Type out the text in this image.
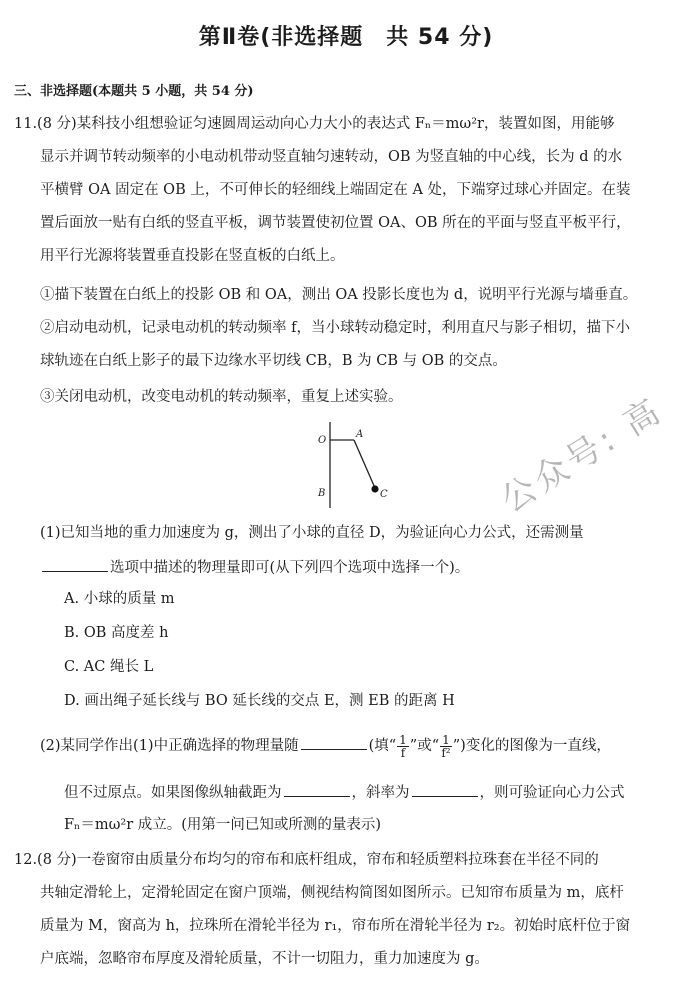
第Ⅱ卷(非选择题　共 54 分)
三、非选择题(本题共 5 小题，共 54 分)
11.(8 分)某科技小组想验证匀速圆周运动向心力大小的表达式 Fₙ＝mω²r，装置如图，用能够
显示并调节转动频率的小电动机带动竖直轴匀速转动，OB 为竖直轴的中心线，长为 d 的水
平横臂 OA 固定在 OB 上，不可伸长的轻细线上端固定在 A 处，下端穿过球心并固定。在装
置后面放一贴有白纸的竖直平板，调节装置使初位置 OA、OB 所在的平面与竖直平板平行，
用平行光源将装置垂直投影在竖直板的白纸上。
①描下装置在白纸上的投影 OB 和 OA，测出 OA 投影长度也为 d，说明平行光源与墙垂直。
②启动电动机，记录电动机的转动频率 f，当小球转动稳定时，利用直尺与影子相切，描下小
球轨迹在白纸上影子的最下边缘水平切线 CB，B 为 CB 与 OB 的交点。
③关闭电动机，改变电动机的转动频率，重复上述实验。
O
A
B	C
(1)已知当地的重力加速度为 g，测出了小球的直径 D，为验证向心力公式，还需测量
选项中描述的物理量即可(从下列四个选项中选择一个)。
A. 小球的质量 m
B. OB 高度差 h
C. AC 绳长 L
D. 画出绳子延长线与 BO 延长线的交点 E，测 EB 的距离 H
(2)某同学作出(1)中正确选择的物理量随	(填“ $\frac{1}{f}$ ”或“ $\frac{1}{\text{f²}}$ ”)变化的图像为一直线，
但不过原点。如果图像纵轴截距为	，斜率为	，则可验证向心力公式
Fₙ＝mω²r 成立。(用第一问已知或所测的量表示)
12.(8 分)一卷窗帘由质量分布均匀的帘布和底杆组成，帘布和轻质塑料拉珠套在半径不同的
共轴定滑轮上，定滑轮固定在窗户顶端，侧视结构简图如图所示。已知帘布质量为 m，底杆
质量为 M，窗高为 h，拉珠所在滑轮半径为 r₁，帘布所在滑轮半径为 r₂。初始时底杆位于窗
户底端，忽略帘布厚度及滑轮质量，不计一切阻力，重力加速度为 g。
公众号: 高
